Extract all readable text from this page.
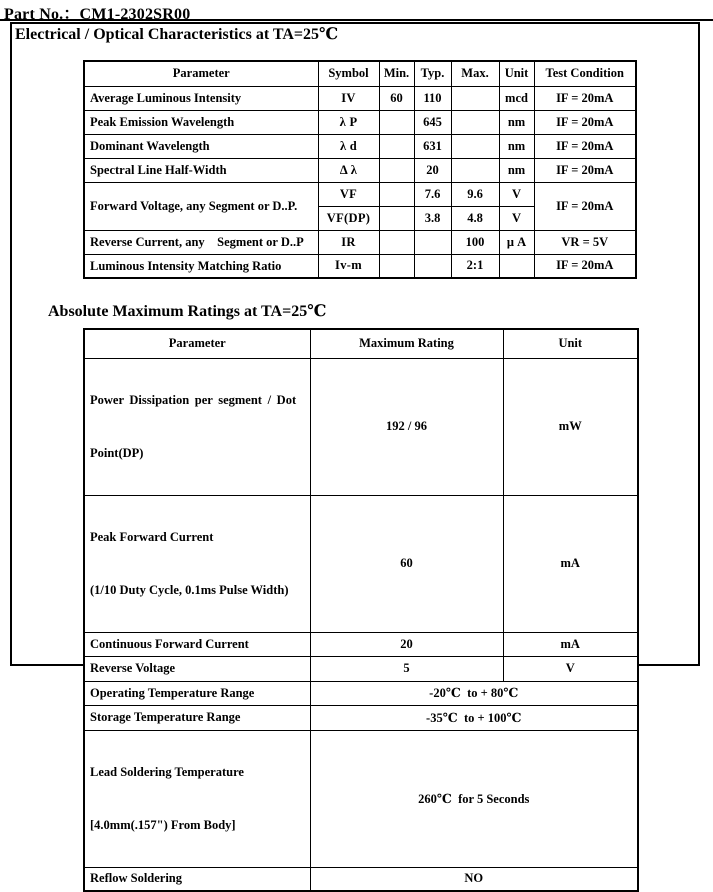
Part No.：CM1-2302SR00
Electrical / Optical Characteristics at TA=25℃
Parameter	Symbol	Min.	Typ.	Max.	Unit	Test Condition
Average Luminous Intensity	IV	60	110		mcd	IF = 20mA
Peak Emission Wavelength	λ P		645		nm	IF = 20mA
Dominant Wavelength	λ d		631		nm	IF = 20mA
Spectral Line Half-Width	Δ λ		20		nm	IF = 20mA
Forward Voltage, any Segment or D..P.	VF		7.6	9.6	V	IF = 20mA
	VF(DP)		3.8	4.8	V	
Reverse Current, any    Segment or D..P	IR			100	μ A	VR = 5V
Luminous Intensity Matching Ratio	Iv-m			2:1		IF = 20mA
Absolute Maximum Ratings at TA=25℃
Parameter	Maximum Rating	Unit

Power Dissipation per segment / Dot

Point(DP)	192 / 96	mW

Peak Forward Current

(1/10 Duty Cycle, 0.1ms Pulse Width)	60	mA
Continuous Forward Current	20	mA
Reverse Voltage	5	V
Operating Temperature Range	-20℃  to + 80℃	
Storage Temperature Range	-35℃  to + 100℃	

Lead Soldering Temperature

[4.0mm(.157") From Body]	260℃  for 5 Seconds	
Reflow Soldering	NO	
